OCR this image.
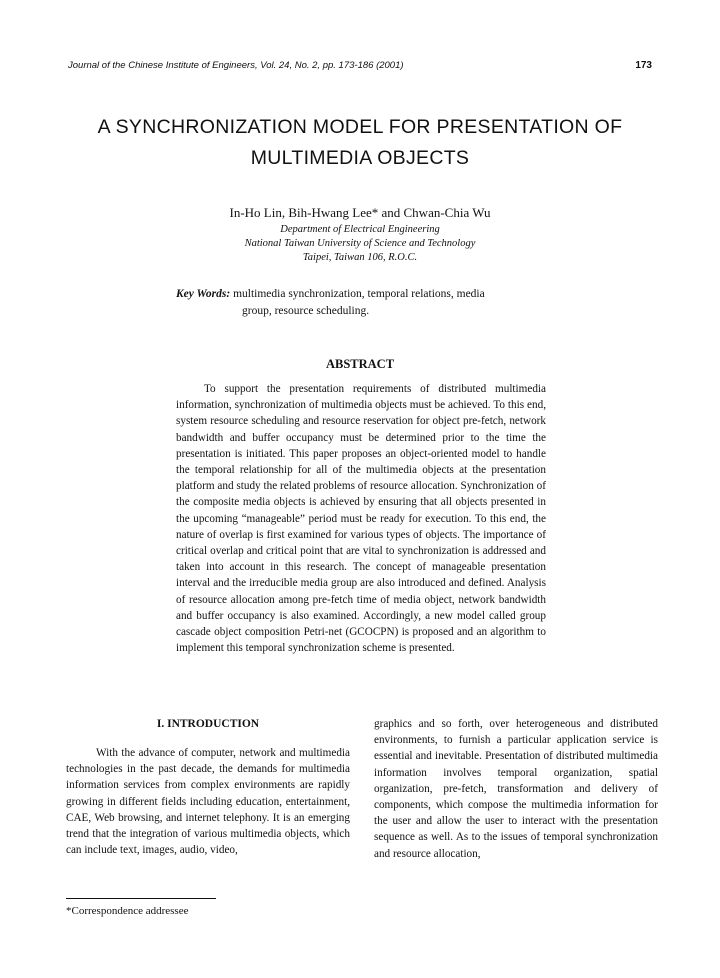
Journal of the Chinese Institute of Engineers, Vol. 24, No. 2, pp. 173-186 (2001)	173
A SYNCHRONIZATION MODEL FOR PRESENTATION OF
MULTIMEDIA OBJECTS
In-Ho Lin, Bih-Hwang Lee* and Chwan-Chia Wu
Department of Electrical Engineering
National Taiwan University of Science and Technology
Taipei, Taiwan 106, R.O.C.
Key Words: multimedia synchronization, temporal relations, media
group, resource scheduling.
ABSTRACT

To support the presentation requirements of distributed multimedia information, synchronization of multimedia objects must be achieved. To this end, system resource scheduling and resource reservation for object pre-fetch, network bandwidth and buffer occupancy must be determined prior to the time the presentation is initiated. This paper proposes an object-oriented model to handle the temporal relationship for all of the multimedia objects at the presentation platform and study the related problems of resource allocation. Synchronization of the composite media objects is achieved by ensuring that all objects presented in the upcoming “manageable” period must be ready for execution. To this end, the nature of overlap is first examined for various types of objects. The importance of critical overlap and critical point that are vital to synchronization is addressed and taken into account in this research. The concept of manageable presentation interval and the irreducible media group are also introduced and defined. Analysis of resource allocation among pre-fetch time of media object, network bandwidth and buffer occupancy is also examined. Accordingly, a new model called group cascade object composition Petri-net (GCOCPN) is proposed and an algorithm to implement this temporal synchronization scheme is presented.

I. INTRODUCTION

With the advance of computer, network and multimedia technologies in the past decade, the demands for multimedia information services from complex environments are rapidly growing in different fields including education, entertainment, CAE, Web browsing, and internet telephony. It is an emerging trend that the integration of various multimedia objects, which can include text, images, audio, video,

graphics and so forth, over heterogeneous and distributed environments, to furnish a particular application service is essential and inevitable. Presentation of distributed multimedia information involves temporal organization, spatial organization, pre-fetch, transformation and delivery of components, which compose the multimedia information for the user and allow the user to interact with the presentation sequence as well. As to the issues of temporal synchronization and resource allocation,

*Correspondence addressee
